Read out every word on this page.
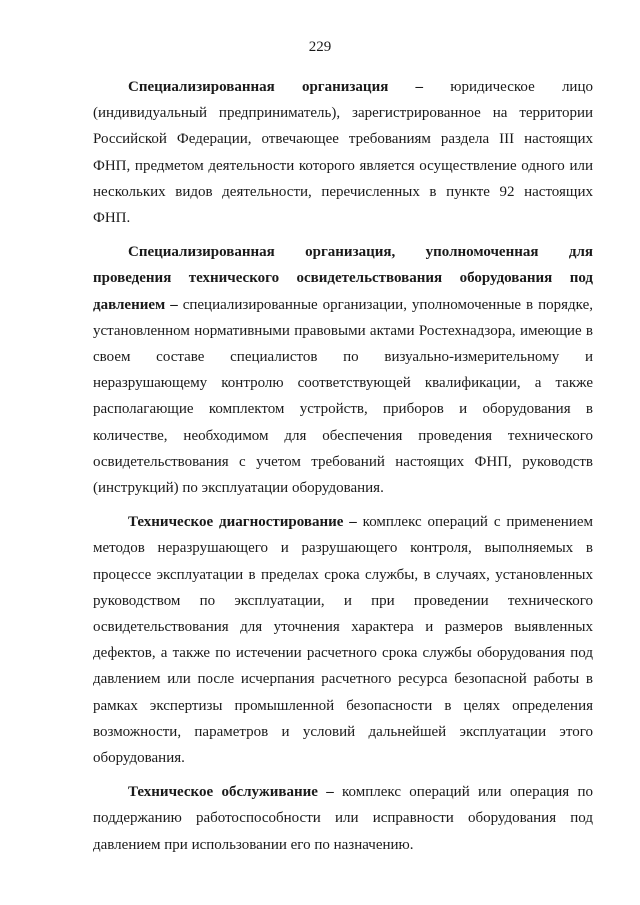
229

Специализированная организация – юридическое лицо (индивидуальный предприниматель), зарегистрированное на территории Российской Федерации, отвечающее требованиям раздела III настоящих ФНП, предметом деятельности которого является осуществление одного или нескольких видов деятельности, перечисленных в пункте 92 настоящих ФНП.

Специализированная организация, уполномоченная для проведения технического освидетельствования оборудования под давлением – специализированные организации, уполномоченные в порядке, установленном нормативными правовыми актами Ростехнадзора, имеющие в своем составе специалистов по визуально-измерительному и неразрушающему контролю соответствующей квалификации, а также располагающие комплектом устройств, приборов и оборудования в количестве, необходимом для обеспечения проведения технического освидетельствования с учетом требований настоящих ФНП, руководств (инструкций) по эксплуатации оборудования.

Техническое диагностирование – комплекс операций с применением методов неразрушающего и разрушающего контроля, выполняемых в процессе эксплуатации в пределах срока службы, в случаях, установленных руководством по эксплуатации, и при проведении технического освидетельствования для уточнения характера и размеров выявленных дефектов, а также по истечении расчетного срока службы оборудования под давлением или после исчерпания расчетного ресурса безопасной работы в рамках экспертизы промышленной безопасности в целях определения возможности, параметров и условий дальнейшей эксплуатации этого оборудования.

Техническое обслуживание – комплекс операций или операция по поддержанию работоспособности или исправности оборудования под давлением при использовании его по назначению.
